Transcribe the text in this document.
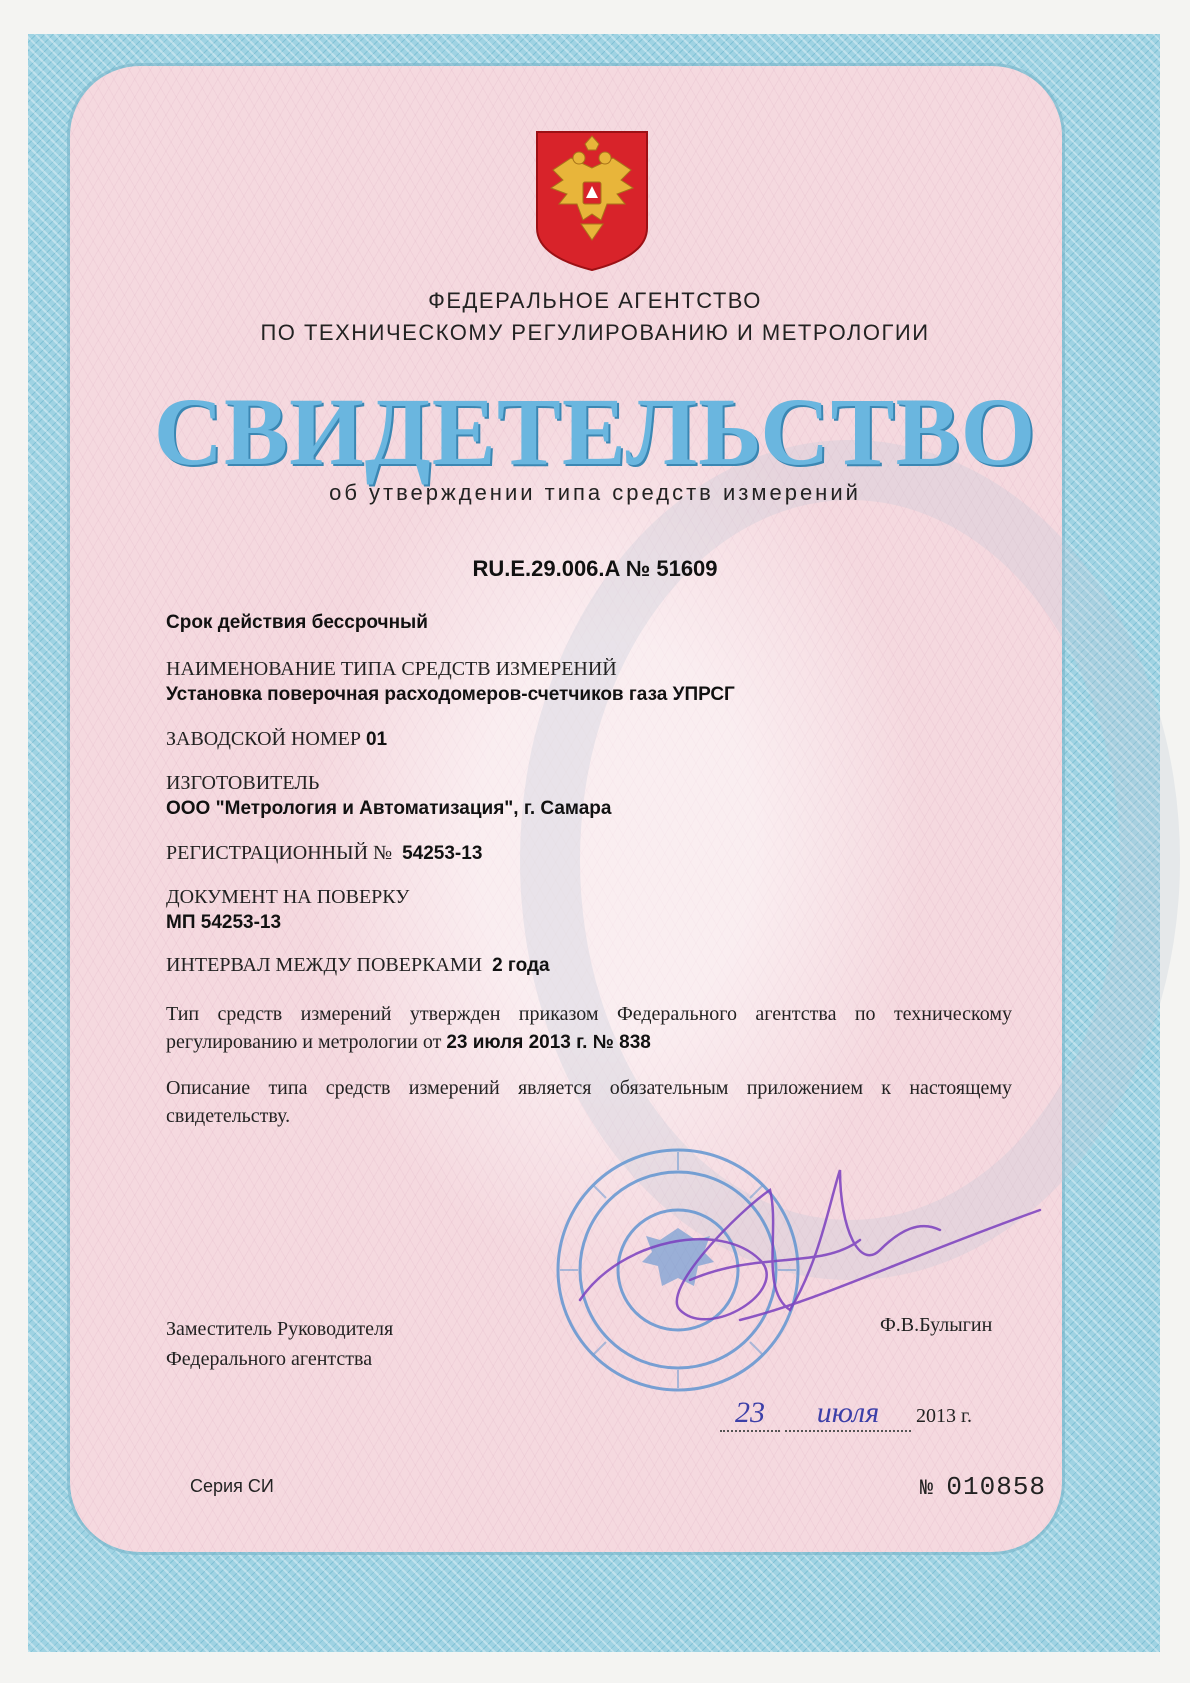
ФЕДЕРАЛЬНОЕ АГЕНТСТВО
ПО ТЕХНИЧЕСКОМУ РЕГУЛИРОВАНИЮ И МЕТРОЛОГИИ
СВИДЕТЕЛЬСТВО
об утверждении типа средств измерений
RU.E.29.006.A № 51609
Срок действия бессрочный
НАИМЕНОВАНИЕ ТИПА СРЕДСТВ ИЗМЕРЕНИЙ
Установка поверочная расходомеров-счетчиков газа УПРСГ
ЗАВОДСКОЙ НОМЕР 01
ИЗГОТОВИТЕЛЬ
ООО "Метрология и Автоматизация", г. Самара
РЕГИСТРАЦИОННЫЙ № 54253-13
ДОКУМЕНТ НА ПОВЕРКУ
МП 54253-13
ИНТЕРВАЛ МЕЖДУ ПОВЕРКАМИ 2 года
Тип средств измерений утвержден приказом Федерального агентства по техническому регулированию и метрологии от 23 июля 2013 г. № 838
Описание типа средств измерений является обязательным приложением к настоящему свидетельству.
Заместитель Руководителя
Федерального агентства
Ф.В.Булыгин
23 июля 2013 г.
Серия СИ	№ 010858
